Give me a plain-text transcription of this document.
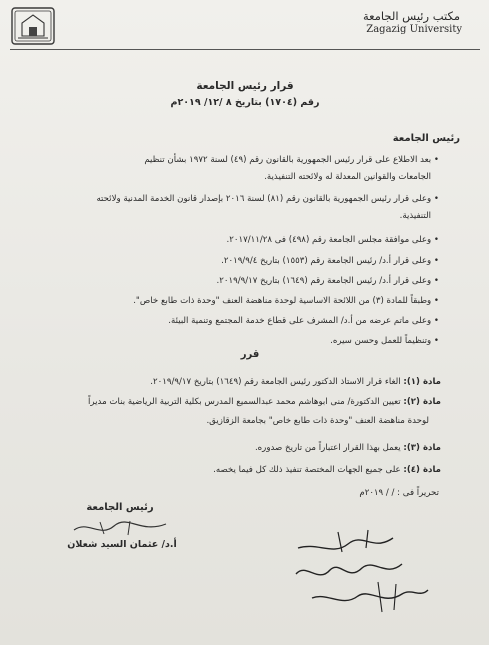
مكتب رئيس الجامعة
Zagazig University
قرار رئيس الجامعة
رقم (١٧٠٤) بتاريخ ٨ /١٢/ ٢٠١٩م
رئيس الجامعة
• بعد الاطلاع على قرار رئيس الجمهورية بالقانون رقم (٤٩) لسنة ١٩٧٢ بشأن تنظيم
الجامعات والقوانين المعدلة له ولائحته التنفيذية.
• وعلى قرار رئيس الجمهورية بالقانون رقم (٨١) لسنة ٢٠١٦ بإصدار قانون الخدمة المدنية ولائحته
التنفيذية.
• وعلى موافقة مجلس الجامعة رقم (٤٩٨) فى ٢٠١٧/١١/٢٨.
• وعلى قرار أ.د/ رئيس الجامعة رقم (١٥٥٣) بتاريخ ٢٠١٩/٩/٤.
• وعلى قرار أ.د/ رئيس الجامعة رقم (١٦٤٩) بتاريخ ٢٠١٩/٩/١٧.
• وطبقاً للمادة (٣) من اللائحة الاساسية لوحدة مناهضة العنف "وحدة ذات طابع خاص".
• وعلى ماتم عرضه من أ.د/ المشرف على قطاع خدمة المجتمع وتنمية البيئة.
• وتنظيماً للعمل وحسن سيره.
قرر
مادة (١): الغاء قرار الاستاذ الدكتور رئيس الجامعة رقم (١٦٤٩) بتاريخ ٢٠١٩/٩/١٧.
مادة (٢): تعيين الدكتورة/ منى ابوهاشم محمد عبدالسميع المدرس بكلية التربية الرياضية بنات مديراً
لوحدة مناهضة العنف "وحدة ذات طابع خاص" بجامعة الزقازيق.
مادة (٣): يعمل بهذا القرار اعتباراً من تاريخ صدوره.
مادة (٤): على جميع الجهات المختصة تنفيذ ذلك كل فيما يخصه.
تحريراً فى : / / ٢٠١٩م
رئيس الجامعة
أ.د/ عثمان السيد شعلان
